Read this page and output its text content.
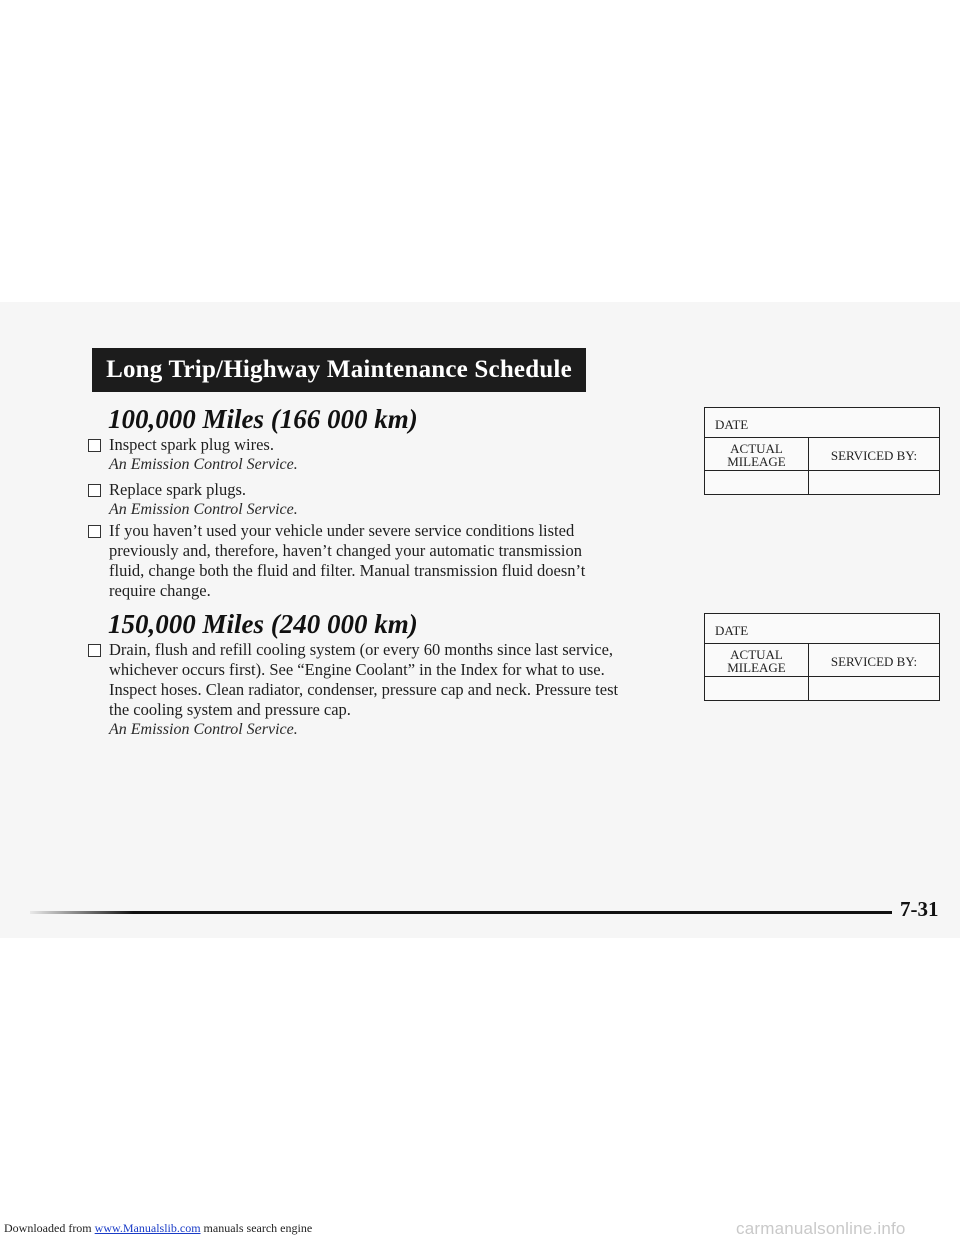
Long Trip/Highway Maintenance Schedule
100,000 Miles (166 000 km)
Inspect spark plug wires.
An Emission Control Service.
Replace spark plugs.
An Emission Control Service.
If you haven’t used your vehicle under severe service conditions listed
previously and, therefore, haven’t changed your automatic transmission
fluid, change both the fluid and filter. Manual transmission fluid doesn’t
require change.
DATE
ACTUAL
MILEAGE	SERVICED BY:
150,000 Miles (240 000 km)
Drain, flush and refill cooling system (or every 60 months since last service,
whichever occurs first). See “Engine Coolant” in the Index for what to use.
Inspect hoses. Clean radiator, condenser, pressure cap and neck. Pressure test
the cooling system and pressure cap.
An Emission Control Service.
DATE
ACTUAL
MILEAGE	SERVICED BY:
7-31
Downloaded from www.Manualslib.com manuals search engine	carmanualsonline.info
